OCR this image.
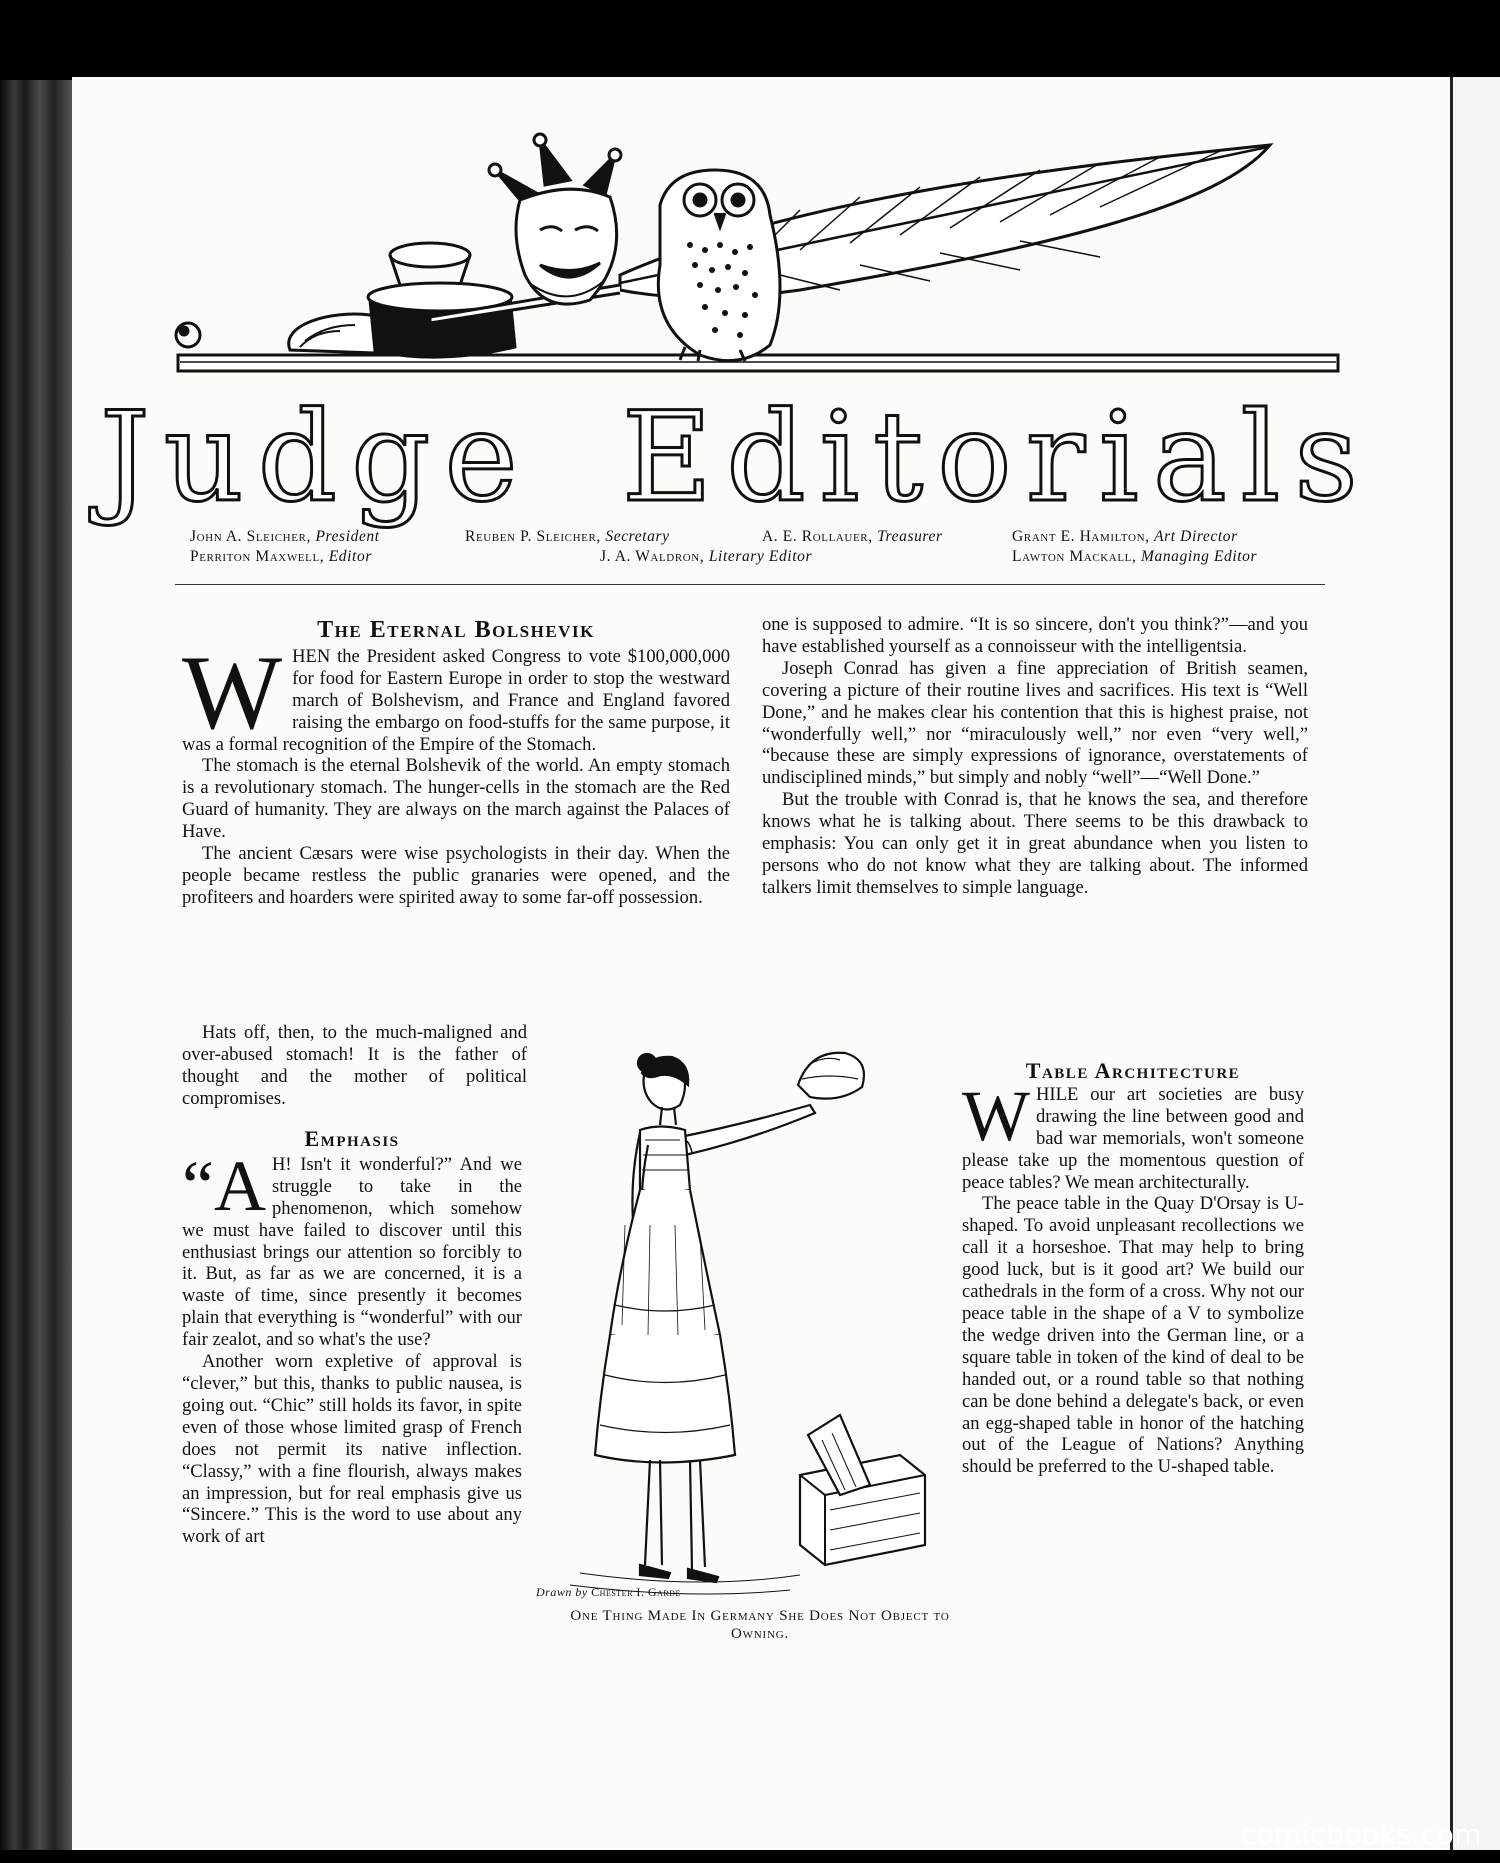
Judge Editorials
John A. Sleicher, President	Reuben P. Sleicher, Secretary	A. E. Rollauer, Treasurer	Grant E. Hamilton, Art Director
Perriton Maxwell, Editor	J. A. Waldron, Literary Editor	Lawton Mackall, Managing Editor
The Eternal Bolshevik
W HEN the President asked Congress to vote $100,000,000 for food for Eastern Europe in order to stop the westward march of Bolshevism, and France and England favored raising the embargo on food-stuffs for the same purpose, it was a formal recognition of the Empire of the Stomach.

The stomach is the eternal Bolshevik of the world. An empty stomach is a revolutionary stomach. The hunger-cells in the stomach are the Red Guard of humanity. They are always on the march against the Palaces of Have.

The ancient Cæsars were wise psychologists in their day. When the people became restless the public granaries were opened, and the profiteers and hoarders were spirited away to some far-off possession.

Hats off, then, to the much-maligned and over-abused stomach! It is the father of thought and the mother of political compromises.

Emphasis
“A H! Isn't it wonderful?” And we struggle to take in the phenomenon, which somehow we must have failed to discover until this enthusiast brings our attention so forcibly to it. But, as far as we are concerned, it is a waste of time, since presently it becomes plain that everything is “wonderful” with our fair zealot, and so what's the use?

Another worn expletive of approval is “clever,” but this, thanks to public nausea, is going out. “Chic” still holds its favor, in spite even of those whose limited grasp of French does not permit its native inflection. “Classy,” with a fine flourish, always makes an impression, but for real emphasis give us “Sincere.” This is the word to use about any work of art

one is supposed to admire. “It is so sincere, don't you think?”—and you have established yourself as a connoisseur with the intelligentsia.

Joseph Conrad has given a fine appreciation of British seamen, covering a picture of their routine lives and sacrifices. His text is “Well Done,” and he makes clear his contention that this is highest praise, not “wonderfully well,” nor “miraculously well,” nor even “very well,” “because these are simply expressions of ignorance, overstatements of undisciplined minds,” but simply and nobly “well”—“Well Done.”

But the trouble with Conrad is, that he knows the sea, and therefore knows what he is talking about. There seems to be this drawback to emphasis: You can only get it in great abundance when you listen to persons who do not know what they are talking about. The informed talkers limit themselves to simple language.

Table Architecture
W HILE our art societies are busy drawing the line between good and bad war memorials, won't someone please take up the momentous question of peace tables? We mean architecturally.

The peace table in the Quay D'Orsay is U-shaped. To avoid unpleasant recollections we call it a horseshoe. That may help to bring good luck, but is it good art? We build our cathedrals in the form of a cross. Why not our peace table in the shape of a V to symbolize the wedge driven into the German line, or a square table in token of the kind of deal to be handed out, or a round table so that nothing can be done behind a delegate's back, or even an egg-shaped table in honor of the hatching out of the League of Nations? Anything should be preferred to the U-shaped table.

Drawn by Chester I. Garde
One Thing Made In Germany She Does Not Object to Owning.
comicbooks.com
